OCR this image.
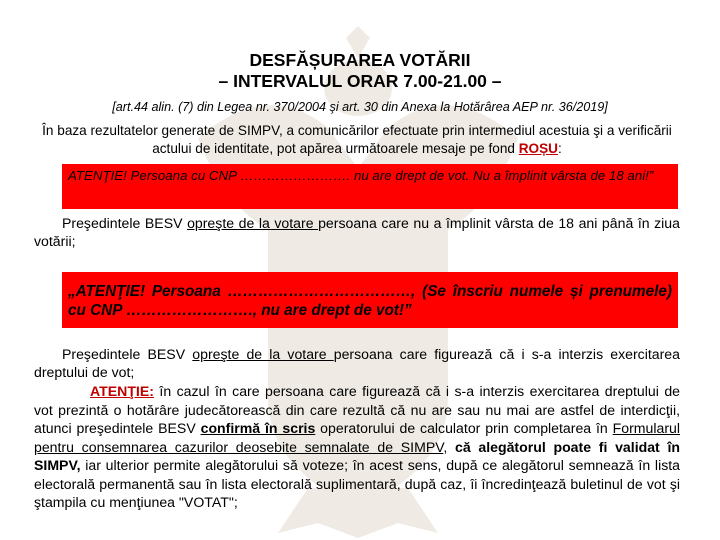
DESFĂȘURAREA VOTĂRII
– INTERVALUL ORAR 7.00-21.00 –
[art.44 alin. (7) din Legea nr. 370/2004 şi art. 30 din Anexa la Hotărârea AEP nr. 36/2019]
În baza rezultatelor generate de SIMPV, a comunicărilor efectuate prin intermediul acestuia şi a verificării actului de identitate, pot apărea următoarele mesaje pe fond ROȘU:
ATENŢIE! Persoana cu CNP ……………………. nu are drept de vot. Nu a împlinit vârsta de 18 ani!”
Preşedintele BESV opreşte de la votare persoana care nu a împlinit vârsta de 18 ani până în ziua votării;
„ATENŢIE! Persoana ………………………………, (Se înscriu numele și prenumele) cu CNP ……………………., nu are drept de vot!”
Preşedintele BESV opreşte de la votare persoana care figurează că i s-a interzis exercitarea dreptului de vot;
ATENŢIE: în cazul în care persoana care figurează că i s-a interzis exercitarea dreptului de vot prezintă o hotărâre judecătorească din care rezultă că nu are sau nu mai are astfel de interdicţii, atunci preşedintele BESV confirmă în scris operatorului de calculator prin completarea în Formularul pentru consemnarea cazurilor deosebite semnalate de SIMPV, că alegătorul poate fi validat în SIMPV, iar ulterior permite alegătorului să voteze; în acest sens, după ce alegătorul semnează în lista electorală permanentă sau în lista electorală suplimentară, după caz, îi încredinţează buletinul de vot şi ştampila cu menţiunea "VOTAT";
